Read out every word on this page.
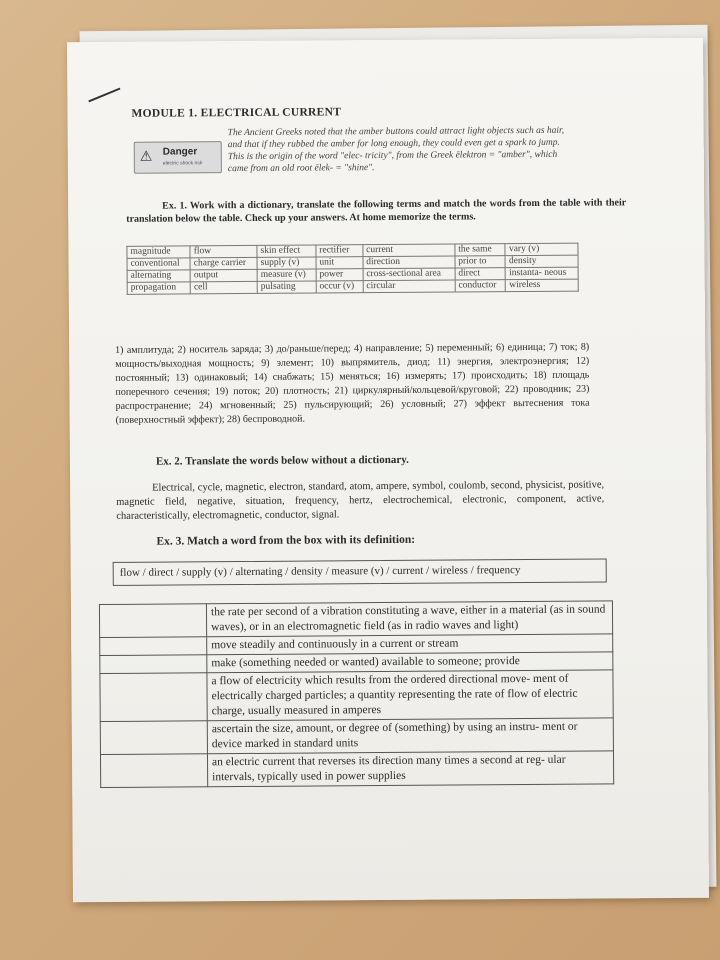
MODULE 1. ELECTRICAL CURRENT
⚠ Danger
electric shock risk
The Ancient Greeks noted that the amber buttons could attract light objects such as hair, and that if they rubbed the amber for long enough, they could even get a spark to jump. This is the origin of the word "elec- tricity", from the Greek ēlektron = "amber", which came from an old root ēlek- = "shine".
Ex. 1. Work with a dictionary, translate the following terms and match the words from the table with their translation below the table. Check up your answers. At home memorize the terms.
magnitude	flow	skin effect	rectifier	current	the same	vary (v)
conventional	charge carrier	supply (v)	unit	direction	prior to	density
alternating	output	measure (v)	power	cross-sectional area	direct	instanta- neous
propagation	cell	pulsating	occur (v)	circular	conductor	wireless
1) амплитуда; 2) носитель заряда; 3) до/раньше/перед; 4) направление; 5) переменный; 6) единица; 7) ток; 8) мощность/выходная мощность; 9) элемент; 10) выпрямитель, диод; 11) энергия, электроэнергия; 12) постоянный; 13) одинаковый; 14) снабжать; 15) меняться; 16) измерять; 17) происходить; 18) площадь поперечного сечения; 19) поток; 20) плотность; 21) циркулярный/кольцевой/круговой; 22) проводник; 23) распространение; 24) мгновенный; 25) пульсирующий; 26) условный; 27) эффект вытеснения тока (поверхностный эффект); 28) беспроводной.
Ex. 2. Translate the words below without a dictionary.
Electrical, cycle, magnetic, electron, standard, atom, ampere, symbol, coulomb, second, physicist, positive, magnetic field, negative, situation, frequency, hertz, electrochemical, electronic, component, active, characteristically, electromagnetic, conductor, signal.
Ex. 3. Match a word from the box with its definition:
flow / direct / supply (v) / alternating / density / measure (v) / current / wireless / frequency
	the rate per second of a vibration constituting a wave, either in a material (as in sound waves), or in an electromagnetic field (as in radio waves and light)
	move steadily and continuously in a current or stream
	make (something needed or wanted) available to someone; provide
	a flow of electricity which results from the ordered directional move- ment of electrically charged particles; a quantity representing the rate of flow of electric charge, usually measured in amperes
	ascertain the size, amount, or degree of (something) by using an instru- ment or device marked in standard units
	an electric current that reverses its direction many times a second at reg- ular intervals, typically used in power supplies
